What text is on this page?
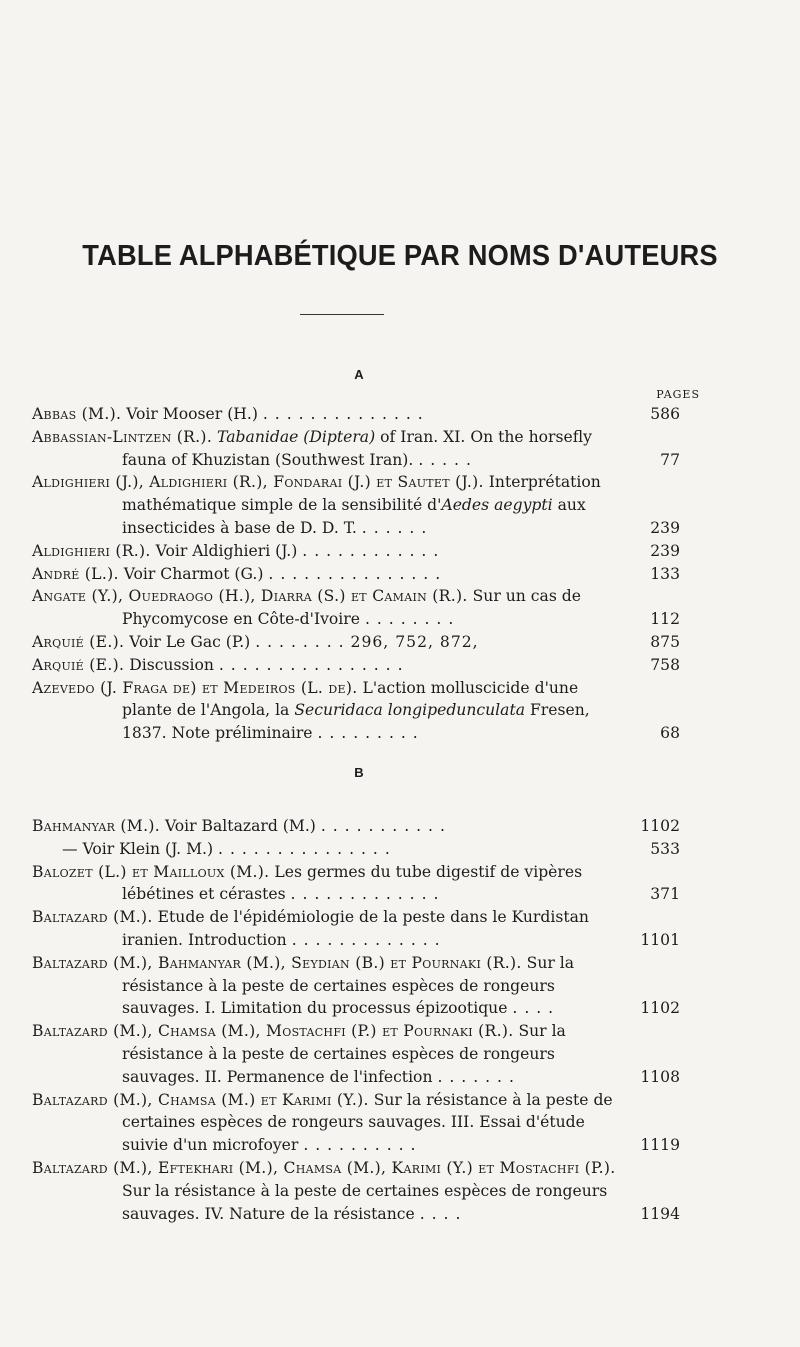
TABLE ALPHABÉTIQUE PAR NOMS D'AUTEURS
A
PAGES
Abbas (M.). Voir Mooser (H.) . . . . . . . . . . . . . .	586
Abbassian-Lintzen (R.). Tabanidae (Diptera) of Iran. XI. On the horsefly fauna of Khuzistan (Southwest Iran). . . . . .	77
Aldighieri (J.), Aldighieri (R.), Fondarai (J.) et Sautet (J.). Interprétation mathématique simple de la sensibilité d'Aedes aegypti aux insecticides à base de D. D. T. . . . . . .	239
Aldighieri (R.). Voir Aldighieri (J.) . . . . . . . . . . . .	239
André (L.). Voir Charmot (G.) . . . . . . . . . . . . . . .	133
Angate (Y.), Ouedraogo (H.), Diarra (S.) et Camain (R.). Sur un cas de Phycomycose en Côte-d'Ivoire . . . . . . . .	112
Arquié (E.). Voir Le Gac (P.) . . . . . . . . 296, 752, 872,	875
Arquié (E.). Discussion . . . . . . . . . . . . . . . .	758
Azevedo (J. Fraga de) et Medeiros (L. de). L'action molluscicide d'une plante de l'Angola, la Securidaca longipedunculata Fresen, 1837. Note préliminaire . . . . . . . . .	68
B
Bahmanyar (M.). Voir Baltazard (M.) . . . . . . . . . . .	1102
— Voir Klein (J. M.) . . . . . . . . . . . . . . .	533
Balozet (L.) et Mailloux (M.). Les germes du tube digestif de vipères lébétines et cérastes . . . . . . . . . . . . .	371
Baltazard (M.). Etude de l'épidémiologie de la peste dans le Kurdistan iranien. Introduction . . . . . . . . . . . . .	1101
Baltazard (M.), Bahmanyar (M.), Seydian (B.) et Pournaki (R.). Sur la résistance à la peste de certaines espèces de rongeurs sauvages. I. Limitation du processus épizootique . . . .	1102
Baltazard (M.), Chamsa (M.), Mostachfi (P.) et Pournaki (R.). Sur la résistance à la peste de certaines espèces de rongeurs sauvages. II. Permanence de l'infection . . . . . . .	1108
Baltazard (M.), Chamsa (M.) et Karimi (Y.). Sur la résistance à la peste de certaines espèces de rongeurs sauvages. III. Essai d'étude suivie d'un microfoyer . . . . . . . . . .	1119
Baltazard (M.), Eftekhari (M.), Chamsa (M.), Karimi (Y.) et Mostachfi (P.). Sur la résistance à la peste de certaines espèces de rongeurs sauvages. IV. Nature de la résistance . . . .	1194
